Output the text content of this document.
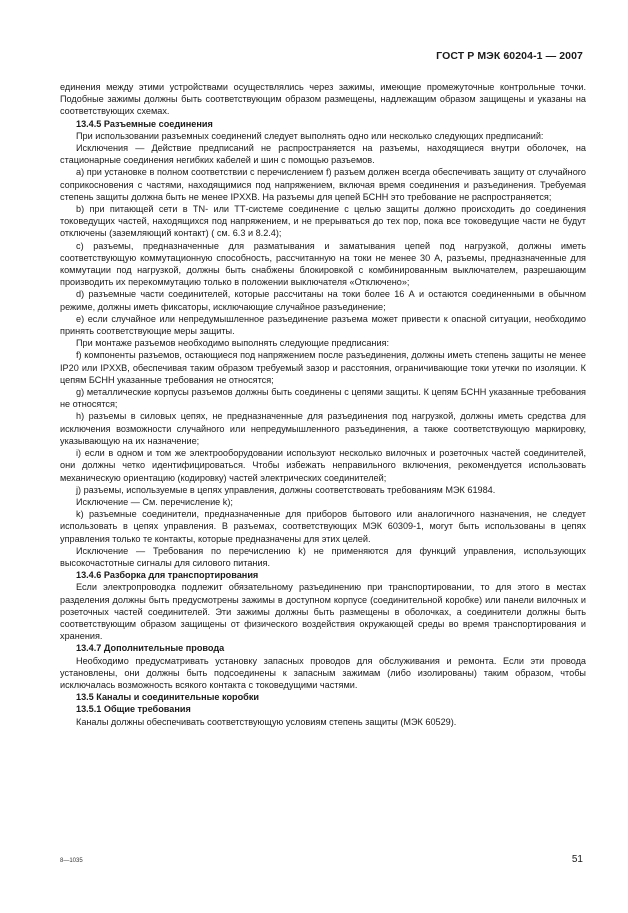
ГОСТ Р МЭК 60204-1 — 2007

единения между этими устройствами осуществлялись через зажимы, имеющие промежуточные контрольные точки. Подобные зажимы должны быть соответствующим образом размещены, надлежащим образом защищены и указаны на соответствующих схемах.

13.4.5 Разъемные соединения

При использовании разъемных соединений следует выполнять одно или несколько следующих предписаний:

Исключения — Действие предписаний не распространяется на разъемы, находящиеся внутри оболочек, на стационарные соединения негибких кабелей и шин с помощью разъемов.

a) при установке в полном соответствии с перечислением f) разъем должен всегда обеспечивать защиту от случайного соприкосновения с частями, находящимися под напряжением, включая время соединения и разъединения. Требуемая степень защиты должна быть не менее IPXXB. На разъемы для цепей БСНН это требование не распространяется;

b) при питающей сети в TN- или ТТ-системе соединение с целью защиты должно происходить до соединения токоведущих частей, находящихся под напряжением, и не прерываться до тех пор, пока все токоведущие части не будут отключены (заземляющий контакт) ( см. 6.3 и 8.2.4);

c) разъемы, предназначенные для разматывания и заматывания цепей под нагрузкой, должны иметь соответствующую коммутационную способность, рассчитанную на токи не менее 30 А, разъемы, предназначенные для коммутации под нагрузкой, должны быть снабжены блокировкой с комбинированным выключателем, разрешающим производить их перекоммутацию только в положении выключателя «Отключено»;

d) разъемные части соединителей, которые рассчитаны на токи более 16 А и остаются соединенными в обычном режиме, должны иметь фиксаторы, исключающие случайное разъединение;

e) если случайное или непредумышленное разъединение разъема может привести к опасной ситуации, необходимо принять соответствующие меры защиты.

При монтаже разъемов необходимо выполнять следующие предписания:

f) компоненты разъемов, остающиеся под напряжением после разъединения, должны иметь степень защиты не менее IP20 или IPXXB, обеспечивая таким образом требуемый зазор и расстояния, ограничивающие токи утечки по изоляции. К цепям БСНН указанные требования не относятся;

g) металлические корпусы разъемов должны быть соединены с цепями защиты. К цепям БСНН указанные требования не относятся;

h) разъемы в силовых цепях, не предназначенные для разъединения под нагрузкой, должны иметь средства для исключения возможности случайного или непредумышленного разъединения, а также соответствующую маркировку, указывающую на их назначение;

i) если в одном и том же электрооборудовании используют несколько вилочных и розеточных частей соединителей, они должны четко идентифицироваться. Чтобы избежать неправильного включения, рекомендуется использовать механическую ориентацию (кодировку) частей электрических соединителей;

j) разъемы, используемые в цепях управления, должны соответствовать требованиям МЭК 61984.

Исключение — См. перечисление k);

k) разъемные соединители, предназначенные для приборов бытового или аналогичного назначения, не следует использовать в цепях управления. В разъемах, соответствующих МЭК 60309-1, могут быть использованы в цепях управления только те контакты, которые предназначены для этих целей.

Исключение — Требования по перечислению k) не применяются для функций управления, использующих высокочастотные сигналы для силового питания.

13.4.6 Разборка для транспортирования

Если электропроводка подлежит обязательному разъединению при транспортировании, то для этого в местах разделения должны быть предусмотрены зажимы в доступном корпусе (соединительной коробке) или панели вилочных и розеточных частей соединителей. Эти зажимы должны быть размещены в оболочках, а соединители должны быть соответствующим образом защищены от физического воздействия окружающей среды во время транспортирования и хранения.

13.4.7 Дополнительные провода

Необходимо предусматривать установку запасных проводов для обслуживания и ремонта. Если эти провода установлены, они должны быть подсоединены к запасным зажимам (либо изолированы) таким образом, чтобы исключалась возможность всякого контакта с токоведущими частями.

13.5 Каналы и соединительные коробки

13.5.1 Общие требования

Каналы должны обеспечивать соответствующую условиям степень защиты (МЭК 60529).

8—1035	51
